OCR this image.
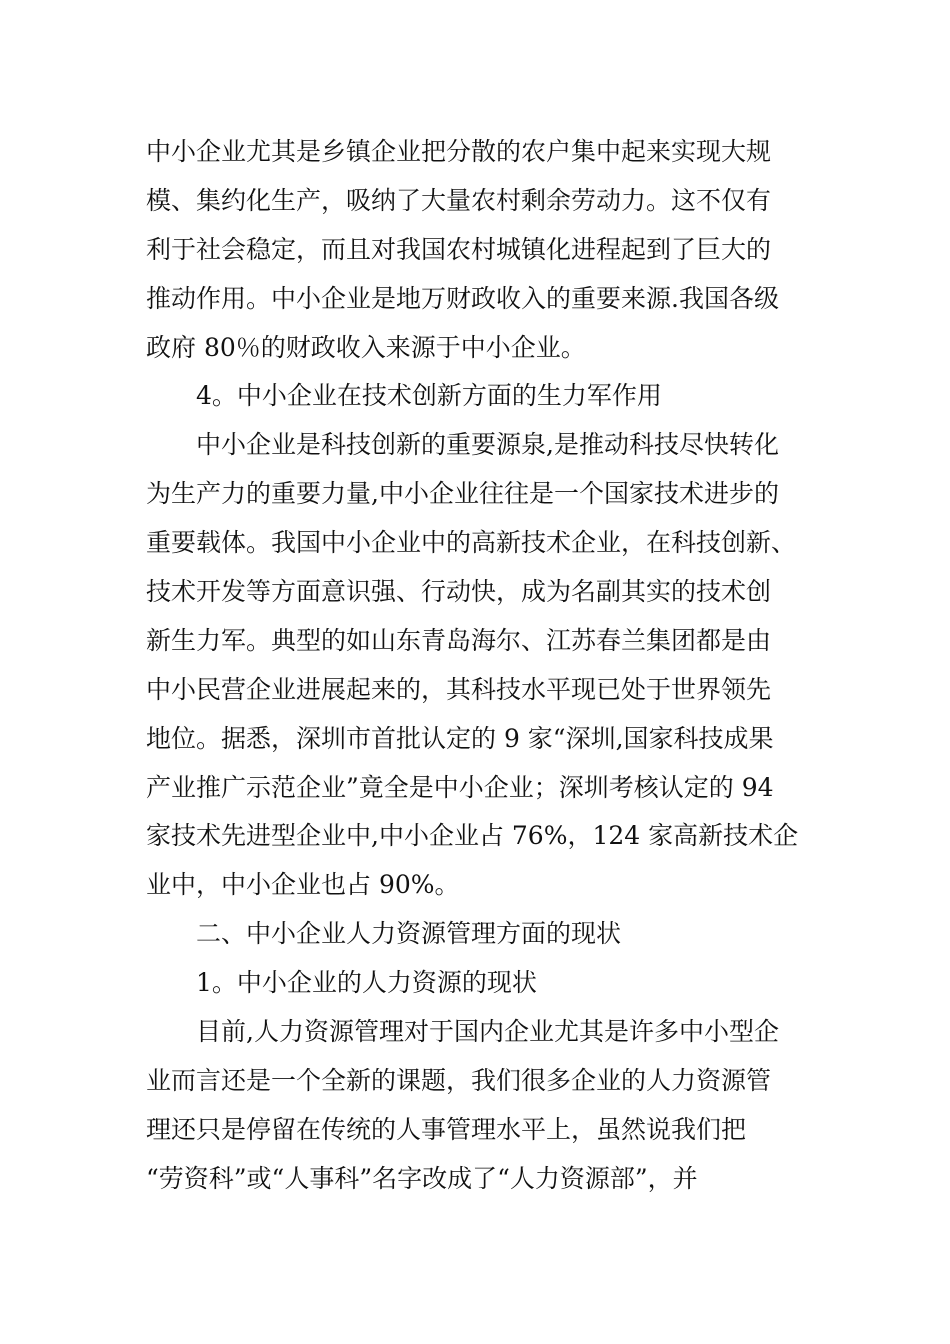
中小企业尤其是乡镇企业把分散的农户集中起来实现大规
模、集约化生产，吸纳了大量农村剩余劳动力。这不仅有
利于社会稳定，而且对我国农村城镇化进程起到了巨大的
推动作用。中小企业是地万财政收入的重要来源.我国各级
政府 80％的财政收入来源于中小企业。
4。中小企业在技术创新方面的生力军作用
中小企业是科技创新的重要源泉,是推动科技尽快转化
为生产力的重要力量,中小企业往往是一个国家技术进步的
重要载体。我国中小企业中的高新技术企业，在科技创新、
技术开发等方面意识强、行动快，成为名副其实的技术创
新生力军。典型的如山东青岛海尔、江苏春兰集团都是由
中小民营企业进展起来的，其科技水平现已处于世界领先
地位。据悉，深圳市首批认定的 9 家“深圳,国家科技成果
产业推广示范企业”竟全是中小企业；深圳考核认定的 94
家技术先进型企业中,中小企业占 76%，124 家高新技术企
业中，中小企业也占 90%。
二、中小企业人力资源管理方面的现状
1。中小企业的人力资源的现状
目前,人力资源管理对于国内企业尤其是许多中小型企
业而言还是一个全新的课题，我们很多企业的人力资源管
理还只是停留在传统的人事管理水平上，虽然说我们把
“劳资科”或“人事科”名字改成了“人力资源部”，并
